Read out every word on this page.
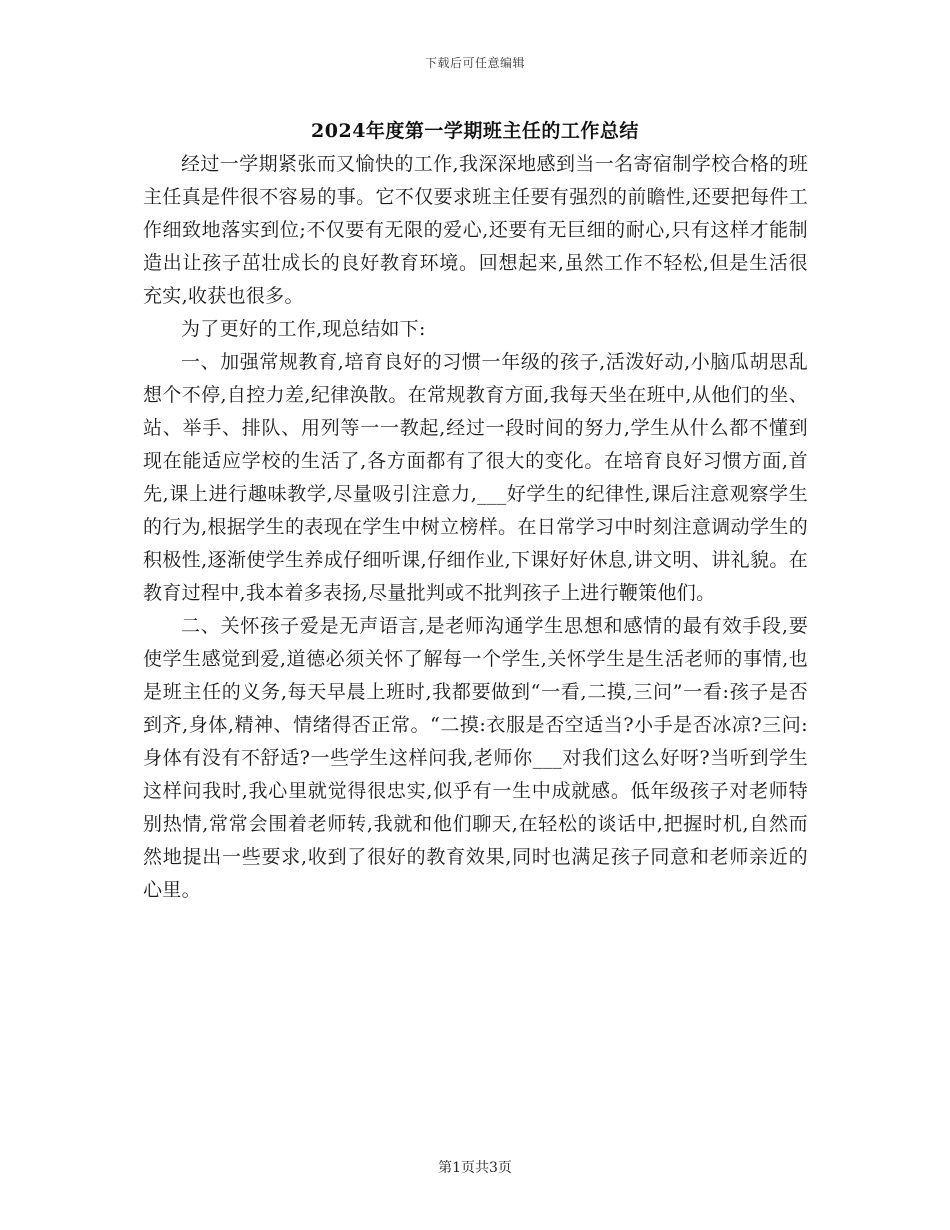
下载后可任意编辑
2024年度第一学期班主任的工作总结

经过一学期紧张而又愉快的工作,我深深地感到当一名寄宿制学校合格的班主任真是件很不容易的事。它不仅要求班主任要有强烈的前瞻性,还要把每件工作细致地落实到位;不仅要有无限的爱心,还要有无巨细的耐心,只有这样才能制造出让孩子茁壮成长的良好教育环境。回想起来,虽然工作不轻松,但是生活很充实,收获也很多。

为了更好的工作,现总结如下:

一、加强常规教育,培育良好的习惯一年级的孩子,活泼好动,小脑瓜胡思乱想个不停,自控力差,纪律涣散。在常规教育方面,我每天坐在班中,从他们的坐、站、举手、排队、用列等一一教起,经过一段时间的努力,学生从什么都不懂到现在能适应学校的生活了,各方面都有了很大的变化。在培育良好习惯方面,首先,课上进行趣味教学,尽量吸引注意力,___好学生的纪律性,课后注意观察学生的行为,根据学生的表现在学生中树立榜样。在日常学习中时刻注意调动学生的积极性,逐渐使学生养成仔细听课,仔细作业,下课好好休息,讲文明、讲礼貌。在教育过程中,我本着多表扬,尽量批判或不批判孩子上进行鞭策他们。

二、关怀孩子爱是无声语言,是老师沟通学生思想和感情的最有效手段,要使学生感觉到爱,道德必须关怀了解每一个学生,关怀学生是生活老师的事情,也是班主任的义务,每天早晨上班时,我都要做到“一看,二摸,三问”一看:孩子是否到齐,身体,精神、情绪得否正常。“二摸:衣服是否空适当?小手是否冰凉?三问:身体有没有不舒适?一些学生这样问我,老师你___对我们这么好呀?当听到学生这样问我时,我心里就觉得很忠实,似乎有一生中成就感。低年级孩子对老师特别热情,常常会围着老师转,我就和他们聊天,在轻松的谈话中,把握时机,自然而然地提出一些要求,收到了很好的教育效果,同时也满足孩子同意和老师亲近的心里。

第1页共3页
